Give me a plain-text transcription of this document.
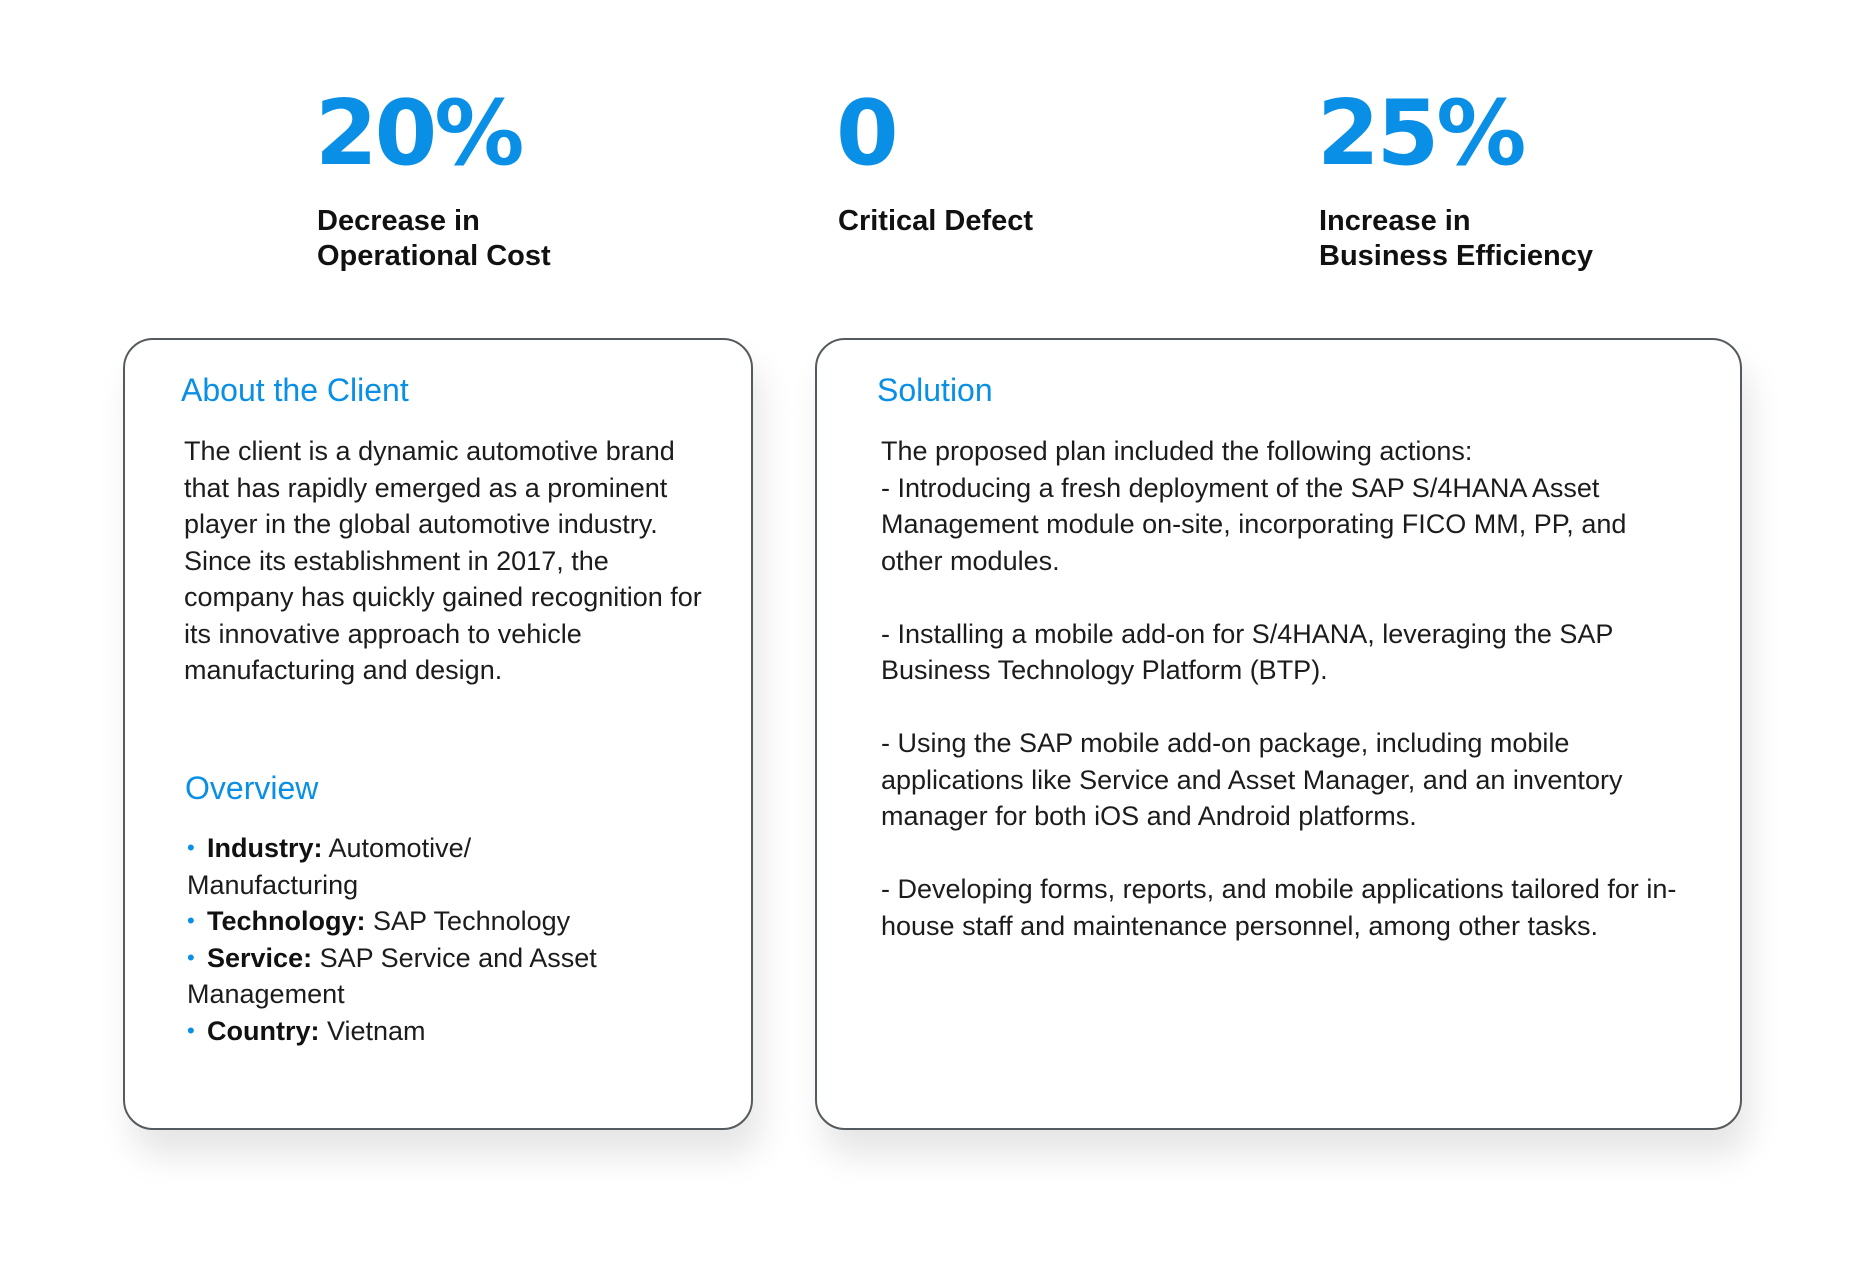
20%
Decrease in
Operational Cost
0
Critical Defect
25%
Increase in
Business Efficiency
About the Client

The client is a dynamic automotive brand that has rapidly emerged as a prominent player in the global automotive industry. Since its establishment in 2017, the company has quickly gained recognition for its innovative approach to vehicle manufacturing and design.

Overview
• Industry: Automotive/ Manufacturing
• Technology: SAP Technology
• Service: SAP Service and Asset Management
• Country: Vietnam
Solution

The proposed plan included the following actions:

- Introducing a fresh deployment of the SAP S/4HANA Asset Management module on-site, incorporating FICO MM, PP, and other modules.

- Installing a mobile add-on for S/4HANA, leveraging the SAP Business Technology Platform (BTP).

- Using the SAP mobile add-on package, including mobile applications like Service and Asset Manager, and an inventory manager for both iOS and Android platforms.

- Developing forms, reports, and mobile applications tailored for in-house staff and maintenance personnel, among other tasks.
